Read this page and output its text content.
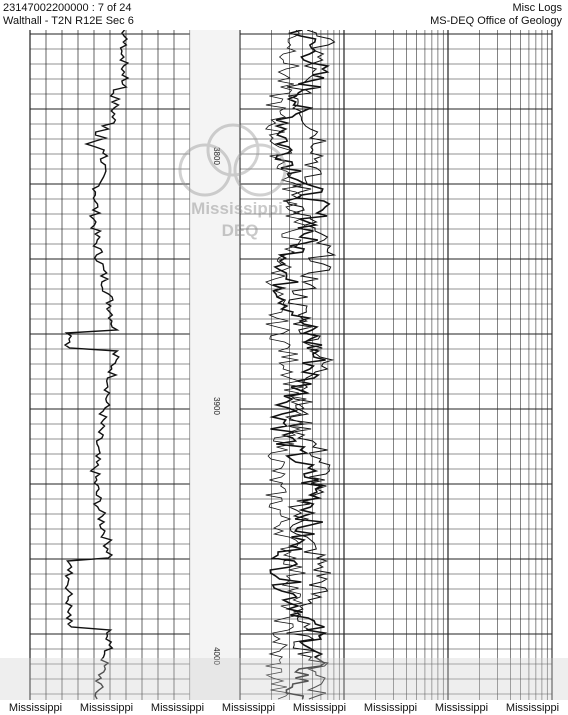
23147002200000 : 7 of 24
Walthall - T2N R12E Sec 6
Misc Logs
MS-DEQ Office of Geology
3800
3900
4000
Mississippi
DEQ
Mississippi Mississippi Mississippi Mississippi Mississippi Mississippi Mississippi Mississippi
